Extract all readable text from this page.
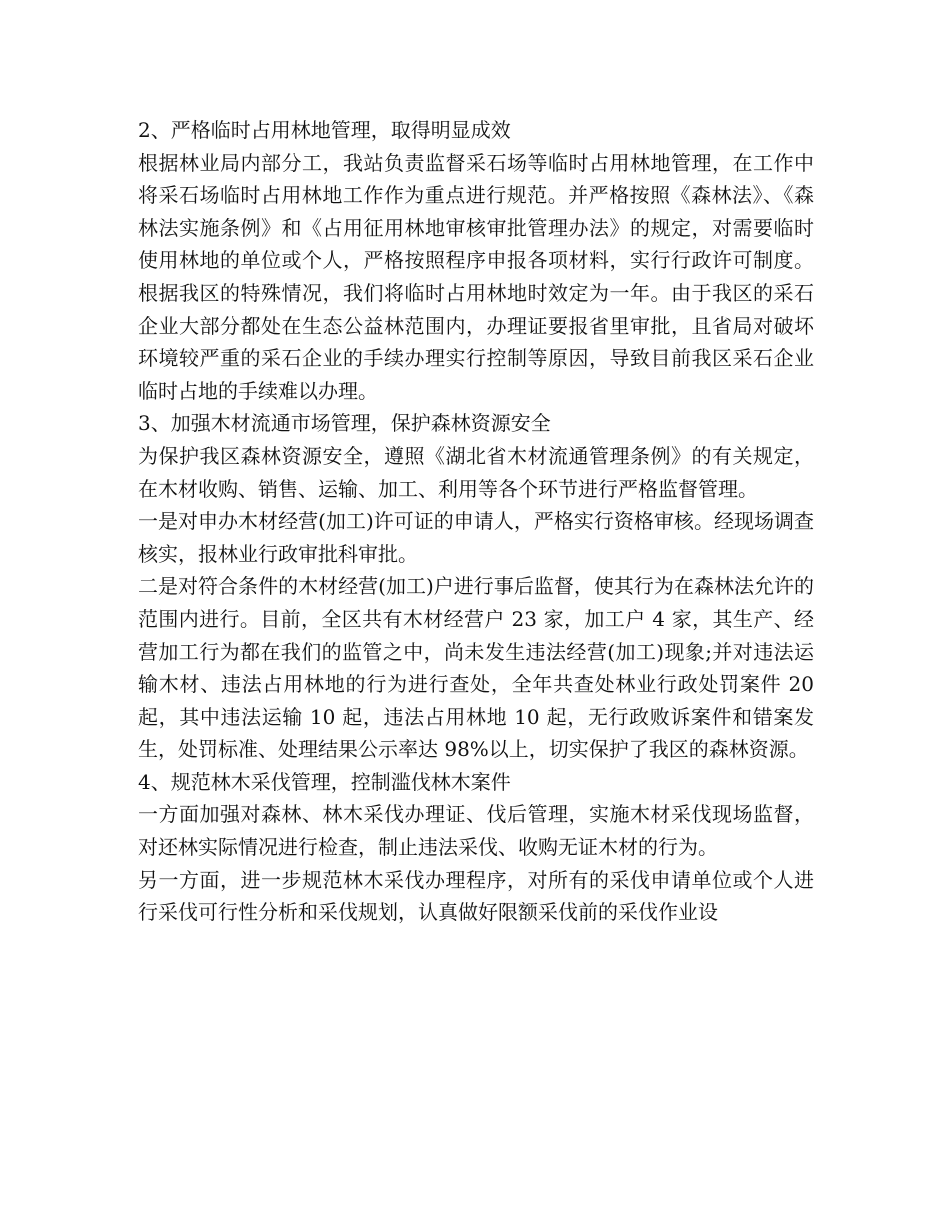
2、严格临时占用林地管理，取得明显成效

根据林业局内部分工，我站负责监督采石场等临时占用林地管理，在工作中将采石场临时占用林地工作作为重点进行规范。并严格按照《森林法》、《森林法实施条例》和《占用征用林地审核审批管理办法》的规定，对需要临时使用林地的单位或个人，严格按照程序申报各项材料，实行行政许可制度。根据我区的特殊情况，我们将临时占用林地时效定为一年。由于我区的采石企业大部分都处在生态公益林范围内，办理证要报省里审批，且省局对破坏环境较严重的采石企业的手续办理实行控制等原因，导致目前我区采石企业临时占地的手续难以办理。

3、加强木材流通市场管理，保护森林资源安全

为保护我区森林资源安全，遵照《湖北省木材流通管理条例》的有关规定，在木材收购、销售、运输、加工、利用等各个环节进行严格监督管理。

一是对申办木材经营(加工)许可证的申请人，严格实行资格审核。经现场调查核实，报林业行政审批科审批。

二是对符合条件的木材经营(加工)户进行事后监督，使其行为在森林法允许的范围内进行。目前，全区共有木材经营户 23 家，加工户 4 家，其生产、经营加工行为都在我们的监管之中，尚未发生违法经营(加工)现象;并对违法运输木材、违法占用林地的行为进行查处，全年共查处林业行政处罚案件 20 起，其中违法运输 10 起，违法占用林地 10 起，无行政败诉案件和错案发生，处罚标准、处理结果公示率达 98%以上，切实保护了我区的森林资源。

4、规范林木采伐管理，控制滥伐林木案件

一方面加强对森林、林木采伐办理证、伐后管理，实施木材采伐现场监督，对还林实际情况进行检查，制止违法采伐、收购无证木材的行为。

另一方面，进一步规范林木采伐办理程序，对所有的采伐申请单位或个人进行采伐可行性分析和采伐规划，认真做好限额采伐前的采伐作业设
